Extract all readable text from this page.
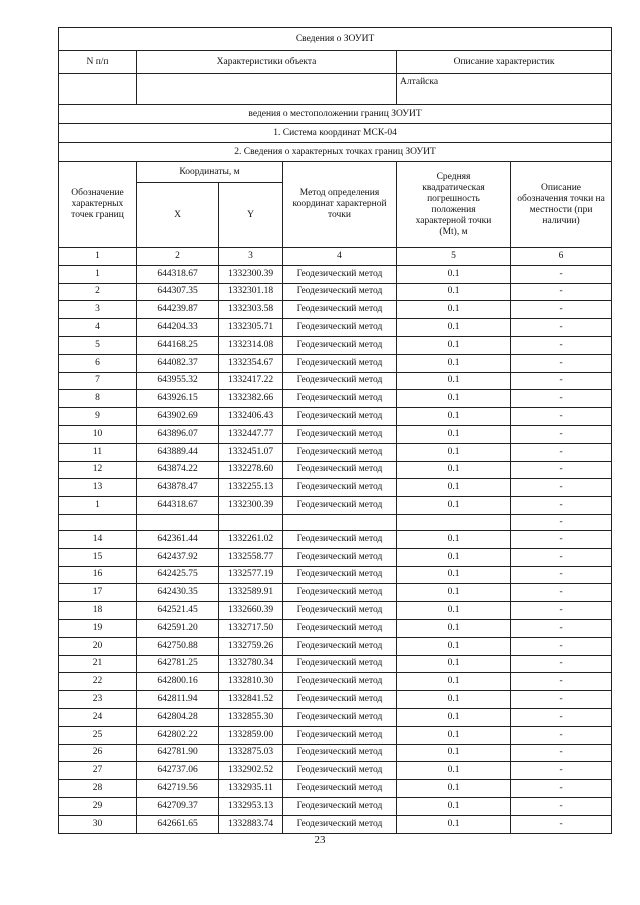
Сведения о ЗОУИТ					
N п/п	Характеристики объекта			Описание характеристик	
				Алтайска	
ведения о местоположении границ ЗОУИТ					
1. Система координат МСК-04					
2. Сведения о характерных точках границ ЗОУИТ					
Обозначение характерных точек границ	Координаты, м		Метод определения координат характерной точки	Средняя квадратическая погрешность положения характерной точки (Mt), м	Описание обозначения точки на местности (при наличии)
	X	Y			
1	2	3	4	5	6
1	644318.67	1332300.39	Геодезический метод	0.1	-
2	644307.35	1332301.18	Геодезический метод	0.1	-
3	644239.87	1332303.58	Геодезический метод	0.1	-
4	644204.33	1332305.71	Геодезический метод	0.1	-
5	644168.25	1332314.08	Геодезический метод	0.1	-
6	644082.37	1332354.67	Геодезический метод	0.1	-
7	643955.32	1332417.22	Геодезический метод	0.1	-
8	643926.15	1332382.66	Геодезический метод	0.1	-
9	643902.69	1332406.43	Геодезический метод	0.1	-
10	643896.07	1332447.77	Геодезический метод	0.1	-
11	643889.44	1332451.07	Геодезический метод	0.1	-
12	643874.22	1332278.60	Геодезический метод	0.1	-
13	643878.47	1332255.13	Геодезический метод	0.1	-
1	644318.67	1332300.39	Геодезический метод	0.1	-
					-
14	642361.44	1332261.02	Геодезический метод	0.1	-
15	642437.92	1332558.77	Геодезический метод	0.1	-
16	642425.75	1332577.19	Геодезический метод	0.1	-
17	642430.35	1332589.91	Геодезический метод	0.1	-
18	642521.45	1332660.39	Геодезический метод	0.1	-
19	642591.20	1332717.50	Геодезический метод	0.1	-
20	642750.88	1332759.26	Геодезический метод	0.1	-
21	642781.25	1332780.34	Геодезический метод	0.1	-
22	642800.16	1332810.30	Геодезический метод	0.1	-
23	642811.94	1332841.52	Геодезический метод	0.1	-
24	642804.28	1332855.30	Геодезический метод	0.1	-
25	642802.22	1332859.00	Геодезический метод	0.1	-
26	642781.90	1332875.03	Геодезический метод	0.1	-
27	642737.06	1332902.52	Геодезический метод	0.1	-
28	642719.56	1332935.11	Геодезический метод	0.1	-
29	642709.37	1332953.13	Геодезический метод	0.1	-
30	642661.65	1332883.74	Геодезический метод	0.1	-
23
